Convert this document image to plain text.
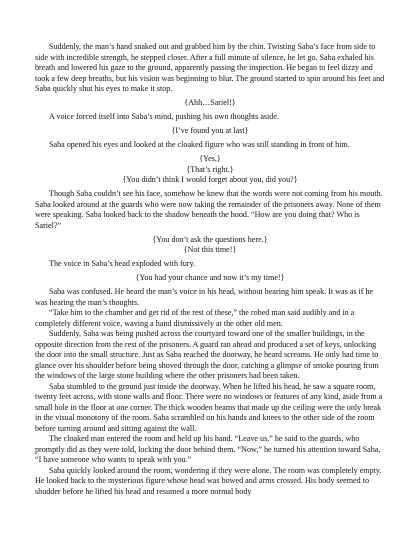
Suddenly, the man’s hand snaked out and grabbed him by the chin. Twisting Saba’s face from side to side with incredible strength, he stepped closer. After a full minute of silence, he let go. Saba exhaled his breath and lowered his gaze to the ground, apparently passing the inspection. He began to feel dizzy and took a few deep breaths, but his vision was beginning to blur. The ground started to spin around his feet and Saba quickly shut his eyes to make it stop.

{Ahh…Sariel!}

A voice forced itself into Saba’s mind, pushing his own thoughts aside.

{I’ve found you at last}

Saba opened his eyes and looked at the cloaked figure who was still standing in front of him.

{Yes,}
{That’s right.}
{You didn’t think I would forget about you, did you?}

Though Saba couldn’t see his face, somehow he knew that the words were not coming from his mouth. Saba looked around at the guards who were now taking the remainder of the prisoners away. None of them were speaking. Saba looked back to the shadow beneath the hood. “How are you doing that? Who is Sariel?”

{You don’t ask the questions here.}
{Not this time!}

The voice in Saba’s head exploded with fury.

{You had your chance and now it’s my time!}

Saba was confused. He heard the man’s voice in his head, without hearing him speak. It was as if he was hearing the man’s thoughts.

“Take him to the chamber and get rid of the rest of these,” the robed man said audibly and in a completely different voice, waving a hand dismissively at the other old men.

Suddenly, Saba was being pushed across the courtyard toward one of the smaller buildings, in the opposite direction from the rest of the prisoners. A guard ran ahead and produced a set of keys, unlocking the door into the small structure. Just as Saba reached the doorway, he heard screams. He only had time to glance over his shoulder before being shoved through the door, catching a glimpse of smoke pouring from the windows of the large stone building where the other prisoners had been taken.

Saba stumbled to the ground just inside the doorway. When he lifted his head, he saw a square room, twenty feet across, with stone walls and floor. There were no windows or features of any kind, aside from a small hole in the floor at one corner. The thick wooden beams that made up the ceiling were the only break in the visual monotony of the room. Saba scrambled on his hands and knees to the other side of the room before turning around and sitting against the wall.

The cloaked man entered the room and held up his hand. “Leave us,” he said to the guards, who promptly did as they were told, locking the door behind them. “Now,” he turned his attention toward Saba, “I have someone who wants to speak with you.”

Saba quickly looked around the room, wondering if they were alone. The room was completely empty. He looked back to the mysterious figure whose head was bowed and arms crossed. His body seemed to shudder before he lifted his head and resumed a more normal body
